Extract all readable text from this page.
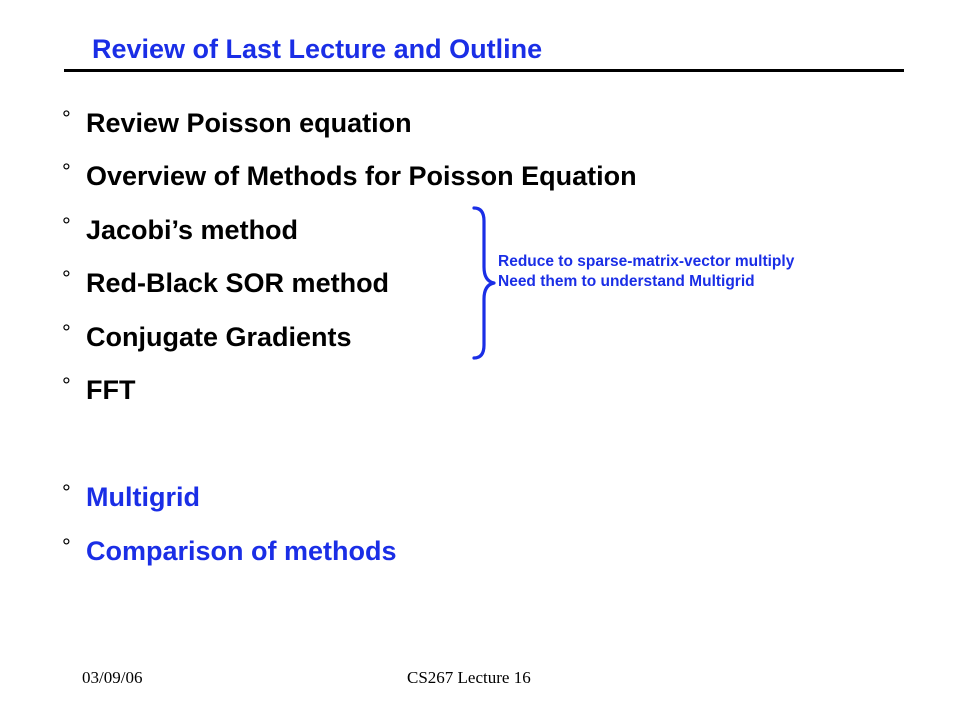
Review of Last Lecture and Outline
° Review Poisson equation
° Overview of Methods for Poisson Equation
° Jacobi’s method
° Red-Black SOR method
° Conjugate Gradients
° FFT
° Multigrid
° Comparison of methods
Reduce to sparse-matrix-vector multiply
Need them to understand Multigrid
03/09/06	CS267 Lecture 16
